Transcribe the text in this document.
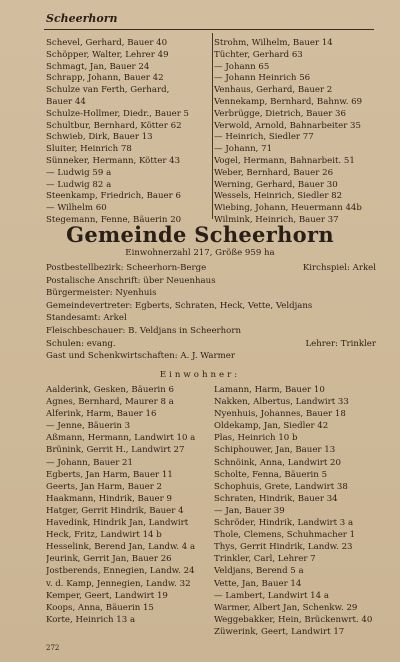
Scheerhorn
Schevel, Gerhard, Bauer 40
Schöpper, Walter, Lehrer 49
Schmagt, Jan, Bauer 24
Schrapp, Johann, Bauer 42
Schulze van Ferth, Gerhard,
Bauer 44
Schulze-Hollmer, Diedr., Bauer 5
Schultbur, Bernhard, Kötter 62
Schwieb, Dirk, Bauer 13
Sluiter, Heinrich 78
Sünneker, Hermann, Kötter 43
— Ludwig 59 a
— Ludwig 82 a
Steenkamp, Friedrich, Bauer 6
— Wilhelm 60
Stegemann, Fenne, Bäuerin 20
Strohm, Wilhelm, Bauer 14
Tüchter, Gerhard 63
— Johann 65
— Johann Heinrich 56
Venhaus, Gerhard, Bauer 2
Vennekamp, Bernhard, Bahnw. 69
Verbrügge, Dietrich, Bauer 36
Verwold, Arnold, Bahnarbeiter 35
— Heinrich, Siedler 77
— Johann, 71
Vogel, Hermann, Bahnarbeit. 51
Weber, Bernhard, Bauer 26
Werning, Gerhard, Bauer 30
Wessels, Heinrich, Siedler 82
Wiebing, Johann, Heuermann 44b
Wilmink, Heinrich, Bauer 37
Gemeinde Scheerhorn
Einwohnerzahl 217, Größe 959 ha
Postbestellbezirk: Scheerhorn-Berge	Kirchspiel: Arkel
Postalische Anschrift: über Neuenhaus
Bürgermeister: Nyenhuis
Gemeindevertreter: Egberts, Schraten, Heck, Vette, Veldjans
Standesamt: Arkel
Fleischbeschauer: B. Veldjans in Scheerhorn
Schulen: evang.	Lehrer: Trinkler
Gast und Schenkwirtschaften: A. J. Warmer
Einwohner:
Aalderink, Gesken, Bäuerin 6
Agnes, Bernhard, Maurer 8 a
Alferink, Harm, Bauer 16
— Jenne, Bäuerin 3
Aßmann, Hermann, Landwirt 10 a
Brünink, Gerrit H., Landwirt 27
— Johann, Bauer 21
Egberts, Jan Harm, Bauer 11
Geerts, Jan Harm, Bauer 2
Haakmann, Hindrik, Bauer 9
Hatger, Gerrit Hindrik, Bauer 4
Havedink, Hindrik Jan, Landwirt
Heck, Fritz, Landwirt 14 b
Hesselink, Berend Jan, Landw. 4 a
Jeurink, Gerrit Jan, Bauer 26
Jostberends, Ennegien, Landw. 24
v. d. Kamp, Jennegien, Landw. 32
Kemper, Geert, Landwirt 19
Koops, Anna, Bäuerin 15
Korte, Heinrich 13 a
Lamann, Harm, Bauer 10
Nakken, Albertus, Landwirt 33
Nyenhuis, Johannes, Bauer 18
Oldekamp, Jan, Siedler 42
Plas, Heinrich 10 b
Schiphouwer, Jan, Bauer 13
Schnöink, Anna, Landwirt 20
Scholte, Fenna, Bäuerin 5
Schophuis, Grete, Landwirt 38
Schraten, Hindrik, Bauer 34
— Jan, Bauer 39
Schröder, Hindrik, Landwirt 3 a
Thole, Clemens, Schuhmacher 1
Thys, Gerrit Hindrik, Landw. 23
Trinkler, Carl, Lehrer 7
Veldjans, Berend 5 a
Vette, Jan, Bauer 14
— Lambert, Landwirt 14 a
Warmer, Albert Jan, Schenkw. 29
Weggebakker, Hein, Brückenwrt. 40
Züwerink, Geert, Landwirt 17
272
